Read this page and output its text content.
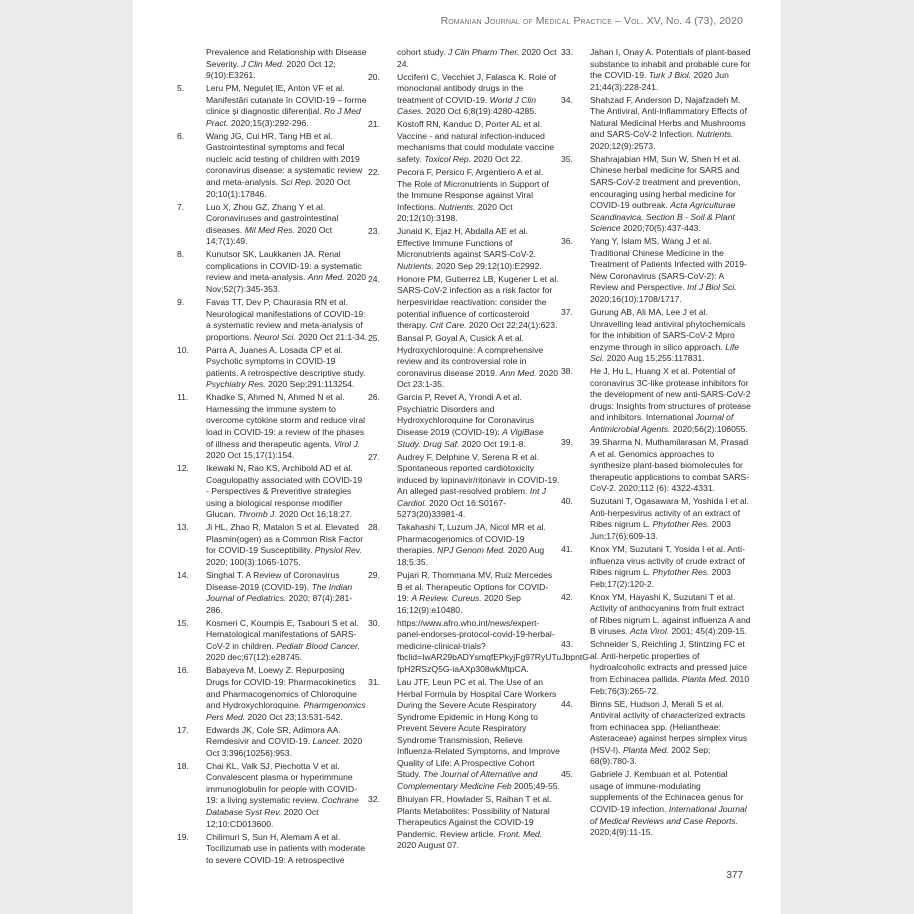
Romanian Journal of Medical Practice – Vol. XV, No. 4 (73), 2020
Prevalence and Relationship with Disease Severity. J Clin Med. 2020 Oct 12; 9(10):E3261.
5.	Leru PM, Neguleț IE, Anton VF et al. Manifestări cutanate în COVID-19 – forme clinice și diagnostic diferențial. Ro J Med Pract. 2020;15(3):292-296.
6.	Wang JG, Cui HR, Tang HB et al. Gastrointestinal symptoms and fecal nucleic acid testing of children with 2019 coronavirus disease: a systematic review and meta-analysis. Sci Rep. 2020 Oct 20;10(1):17846.
7.	Luo X, Zhou GZ, Zhang Y et al. Coronaviruses and gastrointestinal diseases. Mil Med Res. 2020 Oct 14;7(1):49.
8.	Kunutsor SK, Laukkanen JA. Renal complications in COVID-19: a systematic review and meta-analysis. Ann Med. 2020 Nov;52(7):345-353.
9.	Favas TT, Dev P, Chaurasia RN et al. Neurological manifestations of COVID-19: a systematic review and meta-analysis of proportions. Neurol Sci. 2020 Oct 21:1-34.
10. Parra A, Juanes A, Losada CP et al. Psychotic symptoms in COVID-19 patients. A retrospective descriptive study. Psychiatry Res. 2020 Sep;291:113254.
11. Khadke S, Ahmed N, Ahmed N et al. Harnessing the immune system to overcome cytokine storm and reduce viral load in COVID-19: a review of the phases of illness and therapeutic agents. Virol J. 2020 Oct 15;17(1):154.
12. Ikewaki N, Rao KS, Archibold AD et al. Coagulopathy associated with COVID-19 - Perspectives & Preventive strategies using a biological response modifier Glucan. Thromb J. 2020 Oct 16;18:27.
13. Ji HL, Zhao R, Matalon S et al. Elevated Plasmin(ogen) as a Common Risk Factor for COVID-19 Susceptibility. Physiol Rev. 2020; 100(3):1065-1075.
14. Singhal T. A Review of Coronavirus Disease-2019 (COVID-19). The Indian Journal of Pediatrics. 2020; 87(4):281-286.
15. Kosmeri C, Koumpis E, Tsabouri S et al. Hematological manifestations of SARS-CoV-2 in children. Pediatr Blood Cancer. 2020 dec;67(12):e28745.
16. Babayeva M, Loewy Z. Repurposing Drugs for COVID-19: Pharmacokinetics and Pharmacogenomics of Chloroquine and Hydroxychloroquine. Pharmgenomics Pers Med. 2020 Oct 23;13:531-542.
17. Edwards JK, Cole SR, Adimora AA. Remdesivir and COVID-19. Lancet. 2020 Oct 3;396(10256):953.
18. Chai KL, Valk SJ, Piechotta V et al. Convalescent plasma or hyperimmune immunoglobulin for people with COVID-19: a living systematic review. Cochrane Database Syst Rev. 2020 Oct 12;10:CD013600.
19. Chilimuri S, Sun H, Alemam A et al. Tocilizumab use in patients with moderate to severe COVID-19: A retrospective
cohort study. J Clin Pharm Ther. 2020 Oct 24.
20. Ucciferri C, Vecchiet J, Falasca K. Role of monoclonal antibody drugs in the treatment of COVID-19. World J Clin Cases. 2020 Oct 6;8(19):4280-4285.
21. Kostoff RN, Kanduc D, Porter AL et al. Vaccine - and natural infection-induced mechanisms that could modulate vaccine safety. Toxicol Rep. 2020 Oct 22.
22. Pecora F, Persico F, Argentiero A et al. The Role of Micronutrients in Support of the Immune Response against Viral Infections. Nutrients. 2020 Oct 20;12(10):3198.
23. Junaid K, Ejaz H, Abdalla AE et al. Effective Immune Functions of Micronutrients against SARS-CoV-2. Nutrients. 2020 Sep 29;12(10):E2992.
24. Honore PM, Gutierrez LB, Kugener L et al. SARS-CoV-2 infection as a risk factor for herpesviridae reactivation: consider the potential influence of corticosteroid therapy. Crit Care. 2020 Oct 22;24(1):623.
25. Bansal P, Goyal A, Cusick A et al. Hydroxychloroquine: A comprehensive review and its controversial role in coronavirus disease 2019. Ann Med. 2020 Oct 23:1-35.
26. Garcia P, Revet A, Yrondi A et al. Psychiatric Disorders and Hydroxychloroquine for Coronavirus Disease 2019 (COVID-19): A VigiBase Study. Drug Saf. 2020 Oct 19:1-8.
27. Audrey F, Delphine V, Serena R et al. Spontaneous reported cardiotoxicity induced by lopinavir/ritonavir in COVID-19. An alleged past-resolved problem. Int J Cardiol. 2020 Oct 16:S0167-5273(20)33981-4.
28. Takahashi T, Luzum JA, Nicol MR et al. Pharmacogenomics of COVID-19 therapies. NPJ Genom Med. 2020 Aug 18;5:35.
29. Pujari R, Thommana MV, Ruiz Mercedes B et al. Therapeutic Options for COVID-19: A Review. Cureus. 2020 Sep 16;12(9):e10480.
30. https://www.afro.who.int/news/expert-panel-endorses-protocol-covid-19-herbal-medicine-clinical-trials?fbclid=IwAR29bADYsmqfEPkyjFg97RyUTuJbpntG-fpH2RSzQ5G-iaAXp308wkMtpCA.
31. Lau JTF, Leun PC et al. The Use of an Herbal Formula by Hospital Care Workers During the Severe Acute Respiratory Syndrome Epidemic in Hong Kong to Prevent Severe Acute Respiratory Syndrome Transmission, Relieve Influenza-Related Symptoms, and Improve Quality of Life: A Prospective Cohort Study. The Journal of Alternative and Complementary Medicine Feb 2005;49-55.
32. Bhuiyan FR, Howlader S, Raihan T et al. Plants Metabolites: Possibility of Natural Therapeutics Against the COVID-19 Pandemic. Review article. Front. Med. 2020 August 07.
33. Jahan I, Onay A. Potentials of plant-based substance to inhabit and probable cure for the COVID-19. Turk J Biol. 2020 Jun 21;44(3):228-241.
34. Shahzad F, Anderson D, Najafzadeh M. The Antiviral, Anti-Inflammatory Effects of Natural Medicinal Herbs and Mushrooms and SARS-CoV-2 Infection. Nutrients. 2020;12(9):2573.
35. Shahrajabian HM, Sun W, Shen H et al. Chinese herbal medicine for SARS and SARS-CoV-2 treatment and prevention, encouraging using herbal medicine for COVID-19 outbreak. Acta Agriculturae Scandinavica, Section B - Soil & Plant Science 2020;70(5):437-443.
36. Yang Y, Islam MS, Wang J et al. Traditional Chinese Medicine in the Treatment of Patients Infected with 2019-New Coronavirus (SARS-CoV-2): A Review and Perspective. Int J Biol Sci. 2020;16(10):1708/1717.
37. Gurung AB, Ali MA, Lee J et al. Unravelling lead antiviral phytochemicals for the inhibition of SARS-CoV-2 Mpro enzyme through in silico approach. Life Sci. 2020 Aug 15;255:117831.
38. He J, Hu L, Huang X et al. Potential of coronavirus 3C-like protease inhibitors for the development of new anti-SARS-CoV-2 drugs: Insights from structures of protease and inhibitors. International Journal of Antimicrobial Agents. 2020;56(2):106055.
39. 39.Sharma N, Muthamilarasan M, Prasad A et al. Genomics approaches to synthesize plant-based biomolecules for therapeutic applications to combat SARS-CoV-2. 2020;112 (6): 4322-4331.
40. Suzutani T, Ogasawara M, Yoshida I et al. Anti-herpesvirus activity of an extract of Ribes nigrum L. Phytother Res. 2003 Jun;17(6):609-13.
41. Knox YM, Suzutani T, Yosida I et al. Anti-influenza virus activity of crude extract of Ribes nigrum L. Phytother Res. 2003 Feb;17(2):120-2.
42. Knox YM, Hayashi K, Suzutani T et al. Activity of anthocyanins from fruit extract of Ribes nigrum L. against influenza A and B viruses. Acta Virol. 2001; 45(4):209-15.
43. Schneider S, Reichling J, Stintzing FC et al. Anti-herpetic properties of hydroalcoholic extracts and pressed juice from Echinacea pallida. Planta Med. 2010 Feb;76(3):265-72.
44. Binns SE, Hudson J, Merali S et al. Antiviral activity of characterized extracts from echinacea spp. (Heliantheae: Asteraceae) against herpes simplex virus (HSV-I). Planta Med. 2002 Sep; 68(9):780-3.
45. Gabriele J. Kembuan et al. Potential usage of immune-modulating supplements of the Echinacea genus for COVID-19 infection. International Journal of Medical Reviews and Case Reports. 2020;4(9):11-15.
377
